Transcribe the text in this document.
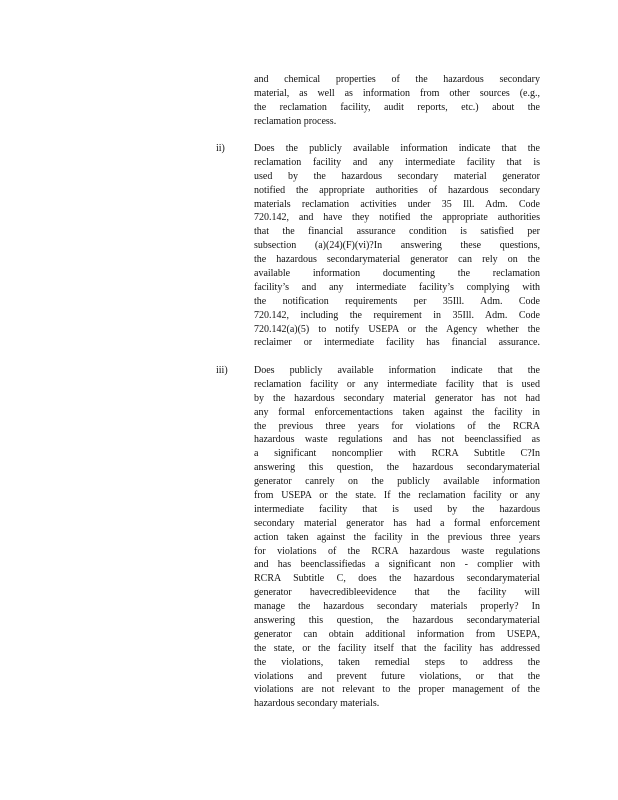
and chemical properties of the hazardous secondary
material, as well as information from other sources (e.g.,
the reclamation facility, audit reports, etc.) about the
reclamation process.
ii)	Does the publicly available information indicate that the
reclamation facility and any intermediate facility that is
used by the hazardous secondary material generator
notified the appropriate authorities of hazardous secondary
materials reclamation activities under 35 Ill. Adm. Code
720.142, and have they notified the appropriate authorities
that the financial assurance condition is satisfied per
subsection (a)(24)(F)(vi)?In answering these questions,
the hazardous secondarymaterial generator can rely on the
available information documenting the reclamation
facility’s and any intermediate facility’s complying with
the notification requirements per 35Ill. Adm. Code
720.142, including the requirement in 35Ill. Adm. Code
720.142(a)(5) to notify USEPA or the Agency whether the
reclaimer or intermediate facility has financial assurance.
iii)	Does publicly available information indicate that the
reclamation facility or any intermediate facility that is used
by the hazardous secondary material generator has not had
any formal enforcementactions taken against the facility in
the previous three years for violations of the RCRA
hazardous waste regulations and has not beenclassified as
a significant noncomplier with RCRA Subtitle C?In
answering this question, the hazardous secondarymaterial
generator canrely on the publicly available information
from USEPA or the state. If the reclamation facility or any
intermediate facility that is used by the hazardous
secondary material generator has had a formal enforcement
action taken against the facility in the previous three years
for violations of the RCRA hazardous waste regulations
and has beenclassifiedas a significant non - complier with
RCRA Subtitle C, does the hazardous secondarymaterial
generator havecredibleevidence that the facility will
manage the hazardous secondary materials properly? In
answering this question, the hazardous secondarymaterial
generator can obtain additional information from USEPA,
the state, or the facility itself that the facility has addressed
the violations, taken remedial steps to address the
violations and prevent future violations, or that the
violations are not relevant to the proper management of the
hazardous secondary materials.
